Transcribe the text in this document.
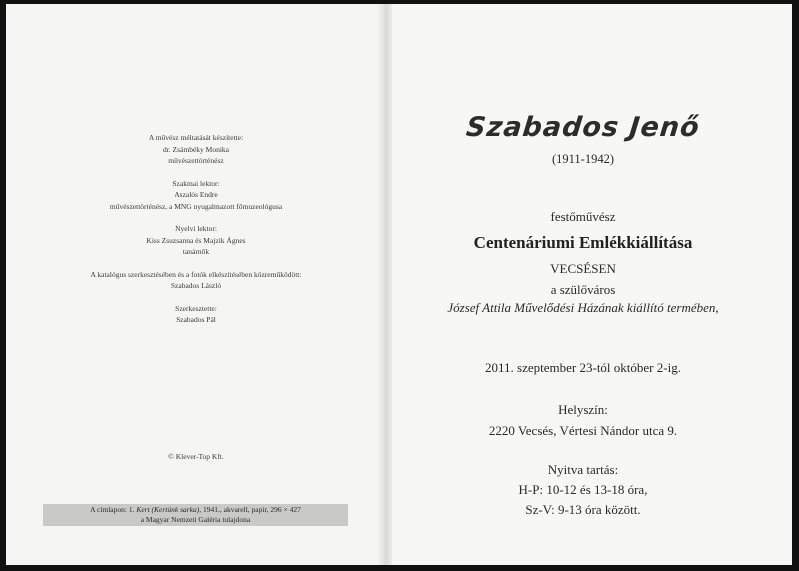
A művész méltatását készítette:
dr. Zsámbéky Monika
művészettörténész
Szakmai lektor:
Aszalós Endre
művészettörténész, a MNG nyugalmazott főmuzeológusa
Nyelvi lektor:
Kiss Zsuzsanna és Majzik Ágnes
tanárnők
A katalógus szerkesztésében és a fotók elkészítésében közreműködött:
Szabados László
Szerkesztette:
Szabados Pál
© Klever-Top Kft.
A címlapon: 1. Kert (Kertünk sarka), 1941., akvarell, papír, 296 × 427
a Magyar Nemzeti Galéria tulajdona
Szabados Jenő
(1911-1942)
festőművész
Centenáriumi Emlékkiállítása
VECSÉSEN
a szülőváros
József Attila Művelődési Házának kiállító termében,
2011. szeptember 23-tól október 2-ig.
Helyszín:
2220 Vecsés, Vértesi Nándor utca 9.
Nyitva tartás:
H-P: 10-12 és 13-18 óra,
Sz-V: 9-13 óra között.
